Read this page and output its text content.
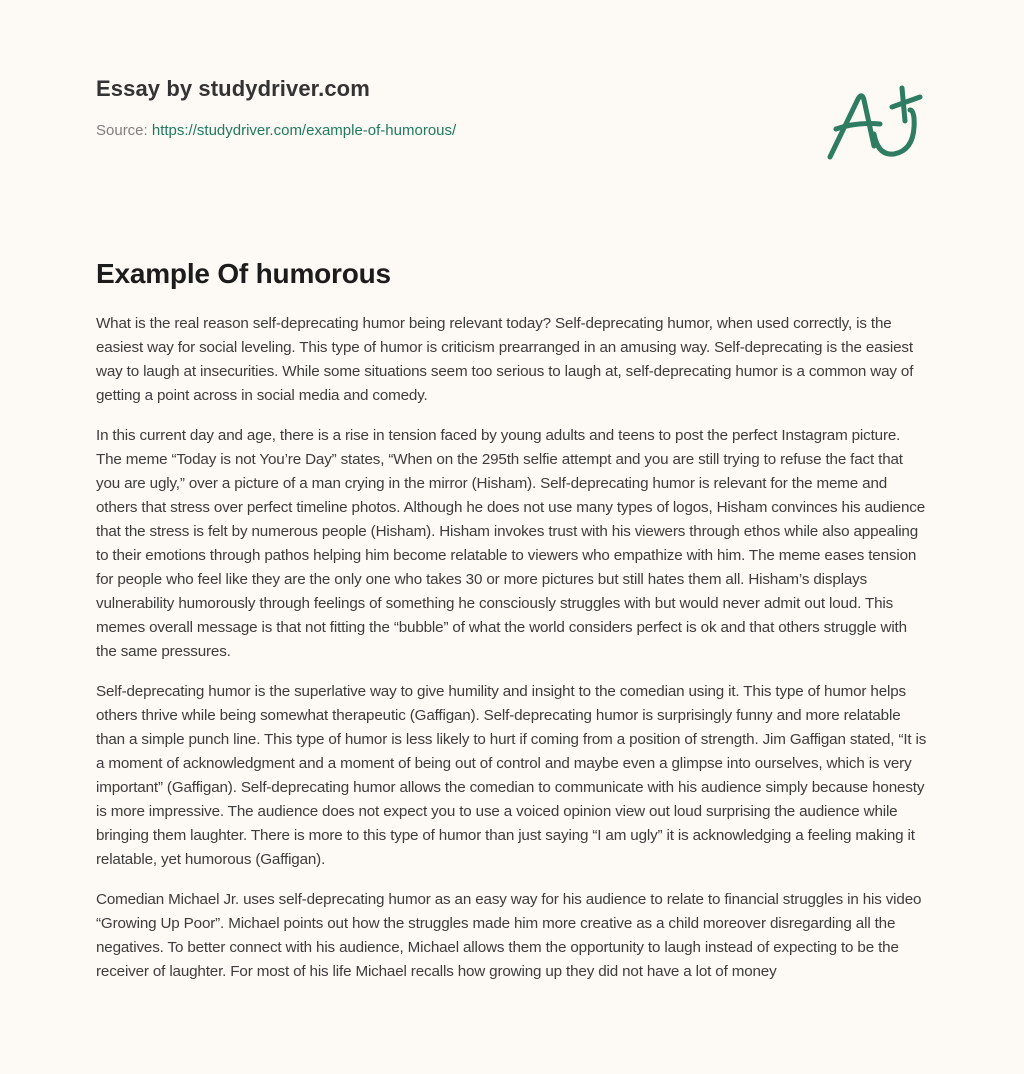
Essay by studydriver.com
Source: https://studydriver.com/example-of-humorous/
Example Of humorous

What is the real reason self-deprecating humor being relevant today? Self-deprecating humor, when used correctly, is the easiest way for social leveling. This type of humor is criticism prearranged in an amusing way. Self-deprecating is the easiest way to laugh at insecurities. While some situations seem too serious to laugh at, self-deprecating humor is a common way of getting a point across in social media and comedy.

In this current day and age, there is a rise in tension faced by young adults and teens to post the perfect Instagram picture. The meme “Today is not You’re Day” states, “When on the 295th selfie attempt and you are still trying to refuse the fact that you are ugly,” over a picture of a man crying in the mirror (Hisham). Self-deprecating humor is relevant for the meme and others that stress over perfect timeline photos. Although he does not use many types of logos, Hisham convinces his audience that the stress is felt by numerous people (Hisham). Hisham invokes trust with his viewers through ethos while also appealing to their emotions through pathos helping him become relatable to viewers who empathize with him. The meme eases tension for people who feel like they are the only one who takes 30 or more pictures but still hates them all. Hisham’s displays vulnerability humorously through feelings of something he consciously struggles with but would never admit out loud. This memes overall message is that not fitting the “bubble” of what the world considers perfect is ok and that others struggle with the same pressures.

Self-deprecating humor is the superlative way to give humility and insight to the comedian using it. This type of humor helps others thrive while being somewhat therapeutic (Gaffigan). Self-deprecating humor is surprisingly funny and more relatable than a simple punch line. This type of humor is less likely to hurt if coming from a position of strength. Jim Gaffigan stated, “It is a moment of acknowledgment and a moment of being out of control and maybe even a glimpse into ourselves, which is very important” (Gaffigan). Self-deprecating humor allows the comedian to communicate with his audience simply because honesty is more impressive. The audience does not expect you to use a voiced opinion view out loud surprising the audience while bringing them laughter. There is more to this type of humor than just saying “I am ugly” it is acknowledging a feeling making it relatable, yet humorous (Gaffigan).

Comedian Michael Jr. uses self-deprecating humor as an easy way for his audience to relate to financial struggles in his video “Growing Up Poor”. Michael points out how the struggles made him more creative as a child moreover disregarding all the negatives. To better connect with his audience, Michael allows them the opportunity to laugh instead of expecting to be the receiver of laughter. For most of his life Michael recalls how growing up they did not have a lot of money
